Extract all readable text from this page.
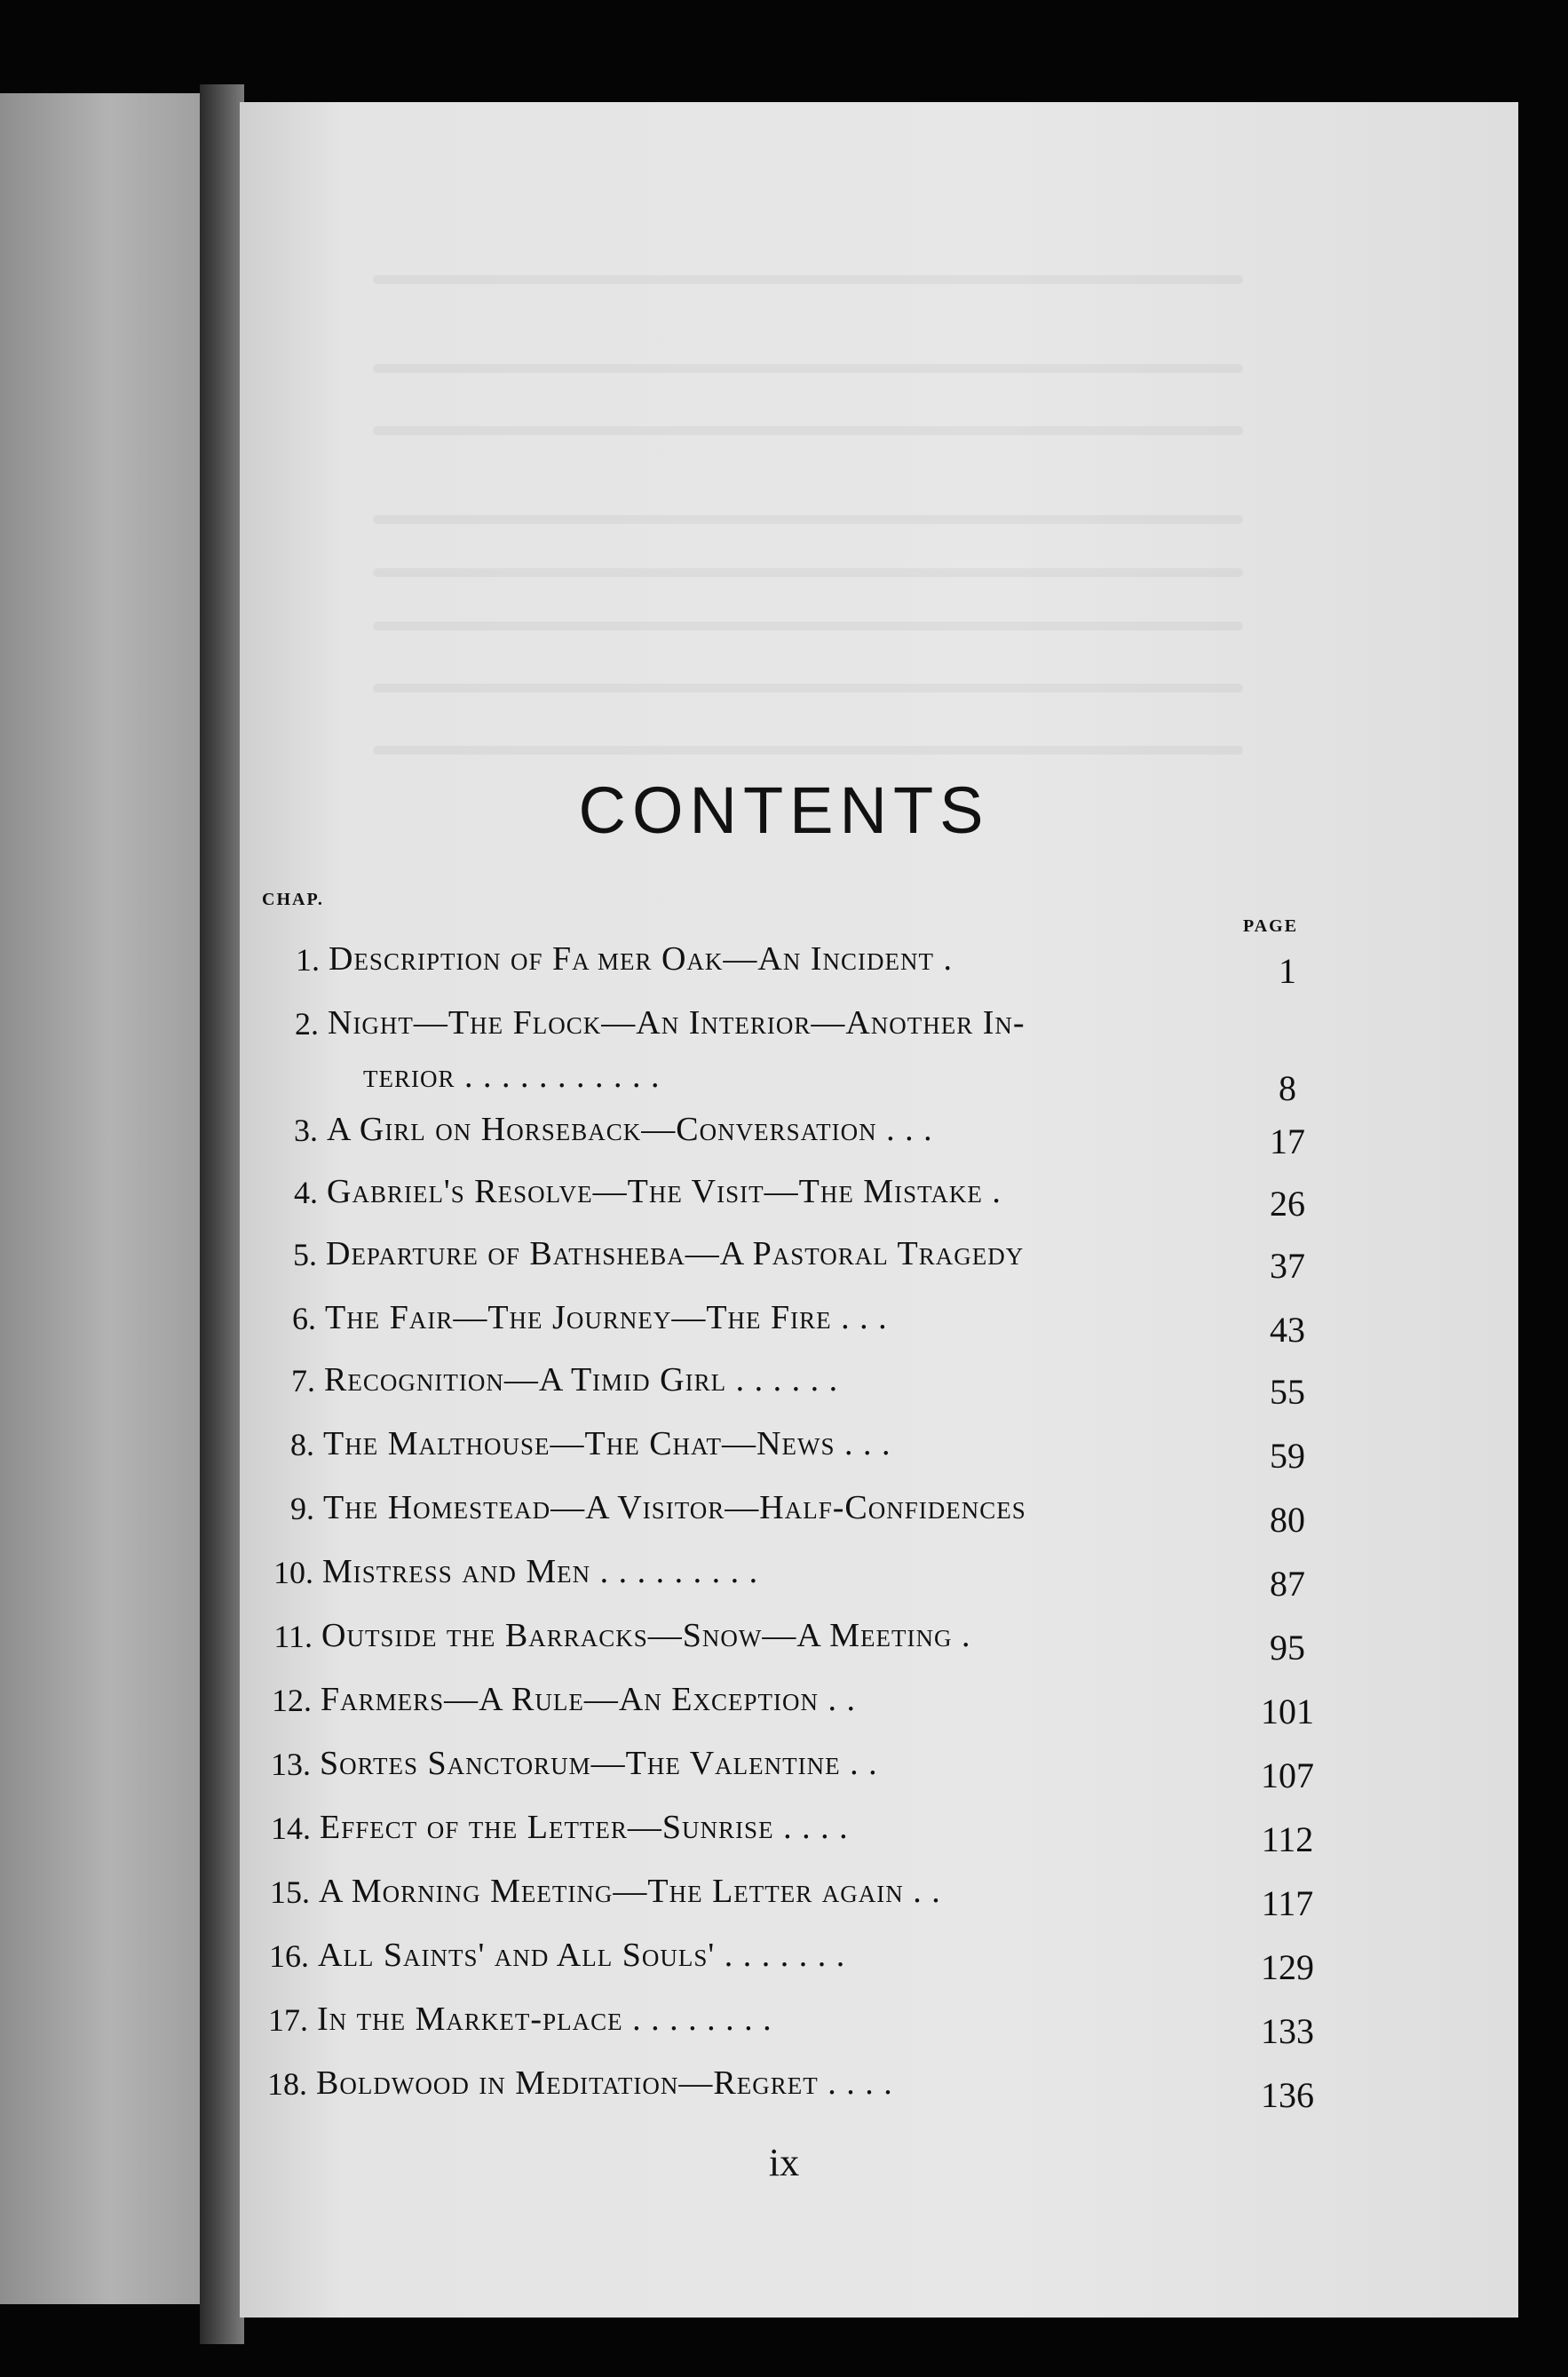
CONTENTS
CHAP.
PAGE
1. Description of Fa  mer Oak—An Incident .	1
2. Night—The Flock—An Interior—Another In-
terior . . . . . . . . . . .	8
3. A Girl on Horseback—Conversation . . .	17
4. Gabriel's Resolve—The Visit—The Mistake .	26
5. Departure of Bathsheba—A Pastoral Tragedy	37
6. The Fair—The Journey—The Fire . . .	43
7. Recognition—A Timid Girl . . . . . .	55
8. The Malthouse—The Chat—News . . .	59
9. The Homestead—A Visitor—Half-Confidences	80
10. Mistress and Men . . . . . . . . .	87
11. Outside the Barracks—Snow—A Meeting .	95
12. Farmers—A Rule—An Exception . .	101
13. Sortes Sanctorum—The Valentine . .	107
14. Effect of the Letter—Sunrise . . . .	112
15. A Morning Meeting—The Letter again . .	117
16. All Saints' and All Souls' . . . . . . .	129
17. In the Market-place . . . . . . . .	133
18. Boldwood in Meditation—Regret . . . .	136
ix
